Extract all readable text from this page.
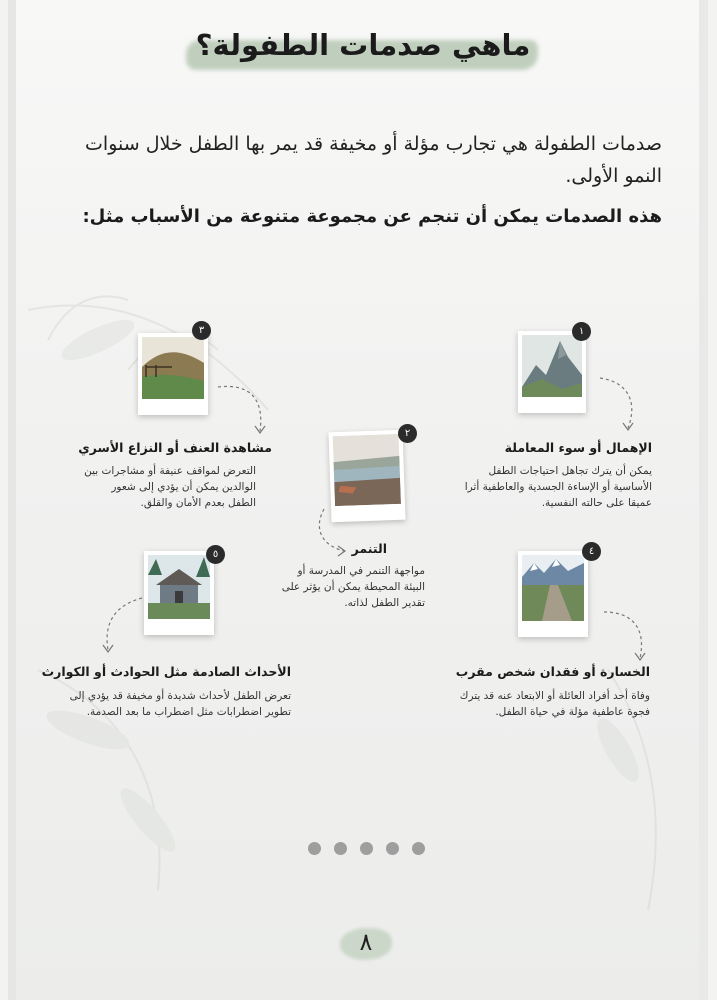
ماهي صدمات الطفولة؟

صدمات الطفولة هي تجارب مؤلة أو مخيفة قد يمر بها الطفل خلال سنوات النمو الأولى.

هذه الصدمات يمكن أن تنجم عن مجموعة متنوعة من الأسباب مثل:

١
الإهمال أو سوء المعاملة

يمكن أن يترك تجاهل احتياجات الطفل الأساسية أو الإساءة الجسدية والعاطفية أثرا عميقا على حالته النفسية.

٢
التنمر

مواجهة التنمر في المدرسة أو البيئة المحيطة يمكن أن يؤثر على تقدير الطفل لذاته.

٣
مشاهدة العنف أو النزاع الأسري

التعرض لمواقف عنيفة أو مشاجرات بين الوالدين يمكن أن يؤدي إلى شعور الطفل بعدم الأمان والقلق.

٤
الخسارة أو فقدان شخص مقرب

وفاة أحد أفراد العائلة أو الابتعاد عنه قد يترك فجوة عاطفية مؤلة في حياة الطفل.

٥
الأحداث الصادمة مثل الحوادث أو الكوارث

تعرض الطفل لأحداث شديدة أو مخيفة قد يؤدي إلى تطوير اضطرابات مثل اضطراب ما بعد الصدمة.

٨
